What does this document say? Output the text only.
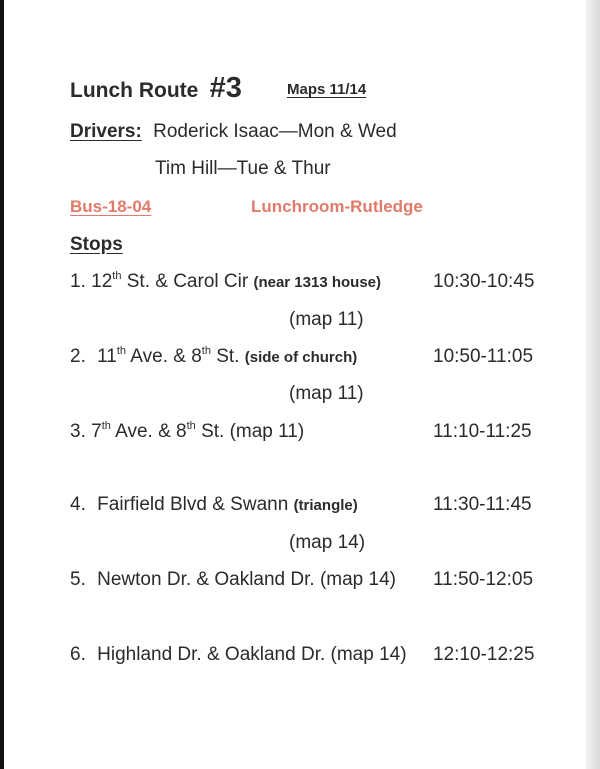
Lunch Route #3	Maps 11/14
Drivers: Roderick Isaac—Mon & Wed
Tim Hill—Tue & Thur
Bus-18-04	Lunchroom-Rutledge
Stops
1. 12th St. & Carol Cir (near 1313 house)	10:30-10:45
(map 11)
2. 11th Ave. & 8th St. (side of church)	10:50-11:05
(map 11)
3. 7th Ave. & 8th St. (map 11)	11:10-11:25
4. Fairfield Blvd & Swann (triangle)	11:30-11:45
(map 14)
5. Newton Dr. & Oakland Dr. (map 14) 11:50-12:05
6. Highland Dr. & Oakland Dr. (map 14) 12:10-12:25
